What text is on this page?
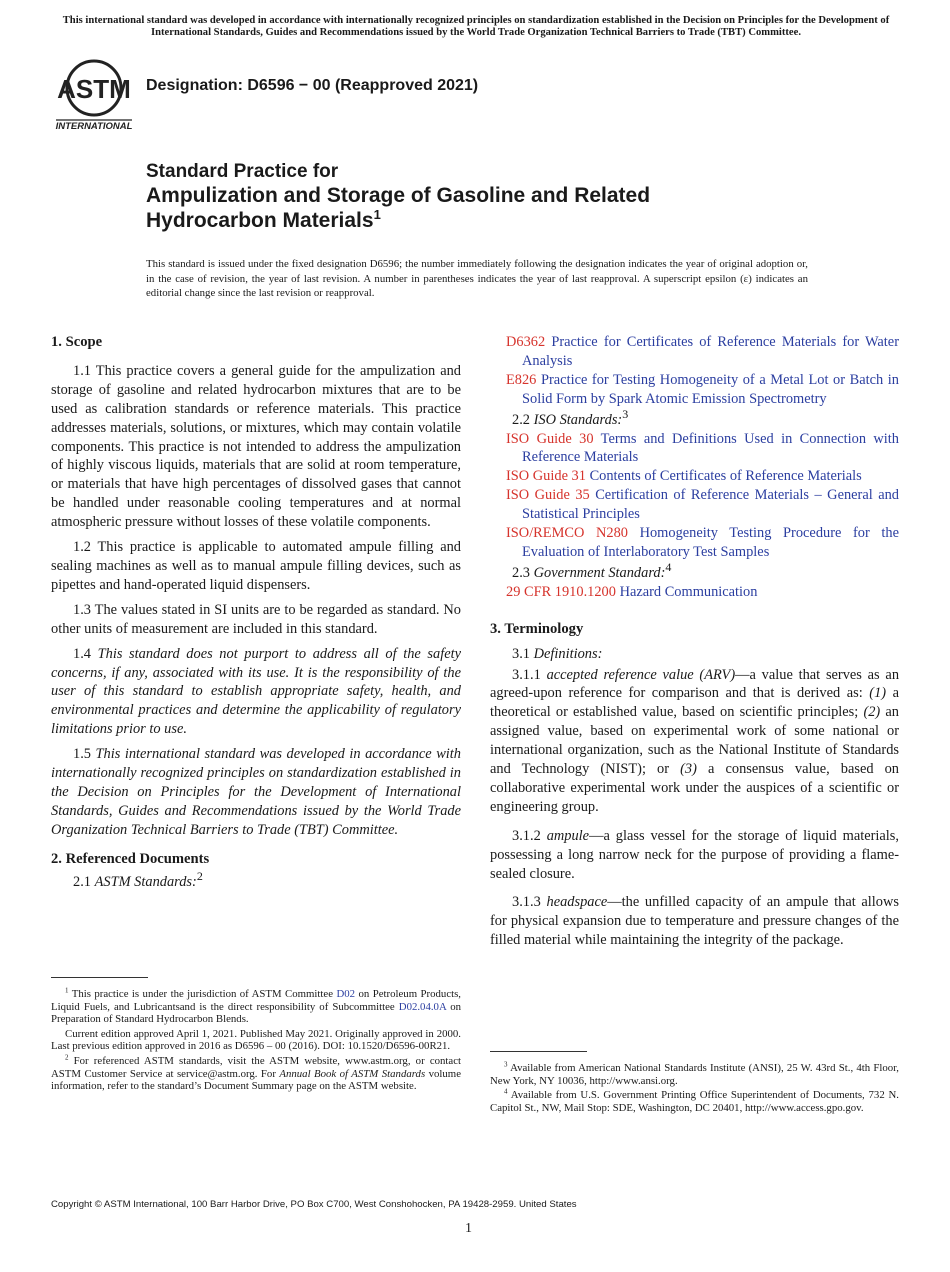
This international standard was developed in accordance with internationally recognized principles on standardization established in the Decision on Principles for the Development of International Standards, Guides and Recommendations issued by the World Trade Organization Technical Barriers to Trade (TBT) Committee.
ASTM
INTERNATIONAL
Designation: D6596 − 00 (Reapproved 2021)
Standard Practice for
Ampulization and Storage of Gasoline and Related
Hydrocarbon Materials$^1$
This standard is issued under the fixed designation D6596; the number immediately following the designation indicates the year of original adoption or, in the case of revision, the year of last revision. A number in parentheses indicates the year of last reapproval. A superscript epsilon (ε) indicates an editorial change since the last revision or reapproval.
1. Scope

1.1 This practice covers a general guide for the ampulization and storage of gasoline and related hydrocarbon mixtures that are to be used as calibration standards or reference materials. This practice addresses materials, solutions, or mixtures, which may contain volatile components. This practice is not intended to address the ampulization of highly viscous liquids, materials that are solid at room temperature, or materials that have high percentages of dissolved gases that cannot be handled under reasonable cooling temperatures and at normal atmospheric pressure without losses of these volatile components.

1.2 This practice is applicable to automated ampule filling and sealing machines as well as to manual ampule filling devices, such as pipettes and hand-operated liquid dispensers.

1.3 The values stated in SI units are to be regarded as standard. No other units of measurement are included in this standard.

1.4 This standard does not purport to address all of the safety concerns, if any, associated with its use. It is the responsibility of the user of this standard to establish appropriate safety, health, and environmental practices and determine the applicability of regulatory limitations prior to use.

1.5 This international standard was developed in accordance with internationally recognized principles on standardization established in the Decision on Principles for the Development of International Standards, Guides and Recommendations issued by the World Trade Organization Technical Barriers to Trade (TBT) Committee.

2. Referenced Documents

2.1 ASTM Standards:$^2$

$^1$ This practice is under the jurisdiction of ASTM Committee D02 on Petroleum Products, Liquid Fuels, and Lubricantsand is the direct responsibility of Subcommittee D02.04.0A on Preparation of Standard Hydrocarbon Blends.

Current edition approved April 1, 2021. Published May 2021. Originally approved in 2000. Last previous edition approved in 2016 as D6596 – 00 (2016). DOI: 10.1520/D6596-00R21.

$^2$ For referenced ASTM standards, visit the ASTM website, www.astm.org, or contact ASTM Customer Service at service@astm.org. For Annual Book of ASTM Standards volume information, refer to the standard’s Document Summary page on the ASTM website.

D6362 Practice for Certificates of Reference Materials for Water Analysis
E826 Practice for Testing Homogeneity of a Metal Lot or Batch in Solid Form by Spark Atomic Emission Spectrometry

2.2 ISO Standards:$^3$

ISO Guide 30 Terms and Definitions Used in Connection with Reference Materials
ISO Guide 31 Contents of Certificates of Reference Materials
ISO Guide 35 Certification of Reference Materials – General and Statistical Principles
ISO/REMCO N280 Homogeneity Testing Procedure for the Evaluation of Interlaboratory Test Samples

2.3 Government Standard:$^4$

29 CFR 1910.1200 Hazard Communication
3. Terminology

3.1 Definitions:

3.1.1 accepted reference value (ARV)—a value that serves as an agreed-upon reference for comparison and that is derived as: (1) a theoretical or established value, based on scientific principles; (2) an assigned value, based on experimental work of some national or international organization, such as the National Institute of Standards and Technology (NIST); or (3) a consensus value, based on collaborative experimental work under the auspices of a scientific or engineering group.

3.1.2 ampule—a glass vessel for the storage of liquid materials, possessing a long narrow neck for the purpose of providing a flame-sealed closure.

3.1.3 headspace—the unfilled capacity of an ampule that allows for physical expansion due to temperature and pressure changes of the filled material while maintaining the integrity of the package.

$^3$ Available from American National Standards Institute (ANSI), 25 W. 43rd St., 4th Floor, New York, NY 10036, http://www.ansi.org.

$^4$ Available from U.S. Government Printing Office Superintendent of Documents, 732 N. Capitol St., NW, Mail Stop: SDE, Washington, DC 20401, http://www.access.gpo.gov.

Copyright © ASTM International, 100 Barr Harbor Drive, PO Box C700, West Conshohocken, PA 19428-2959. United States
1
